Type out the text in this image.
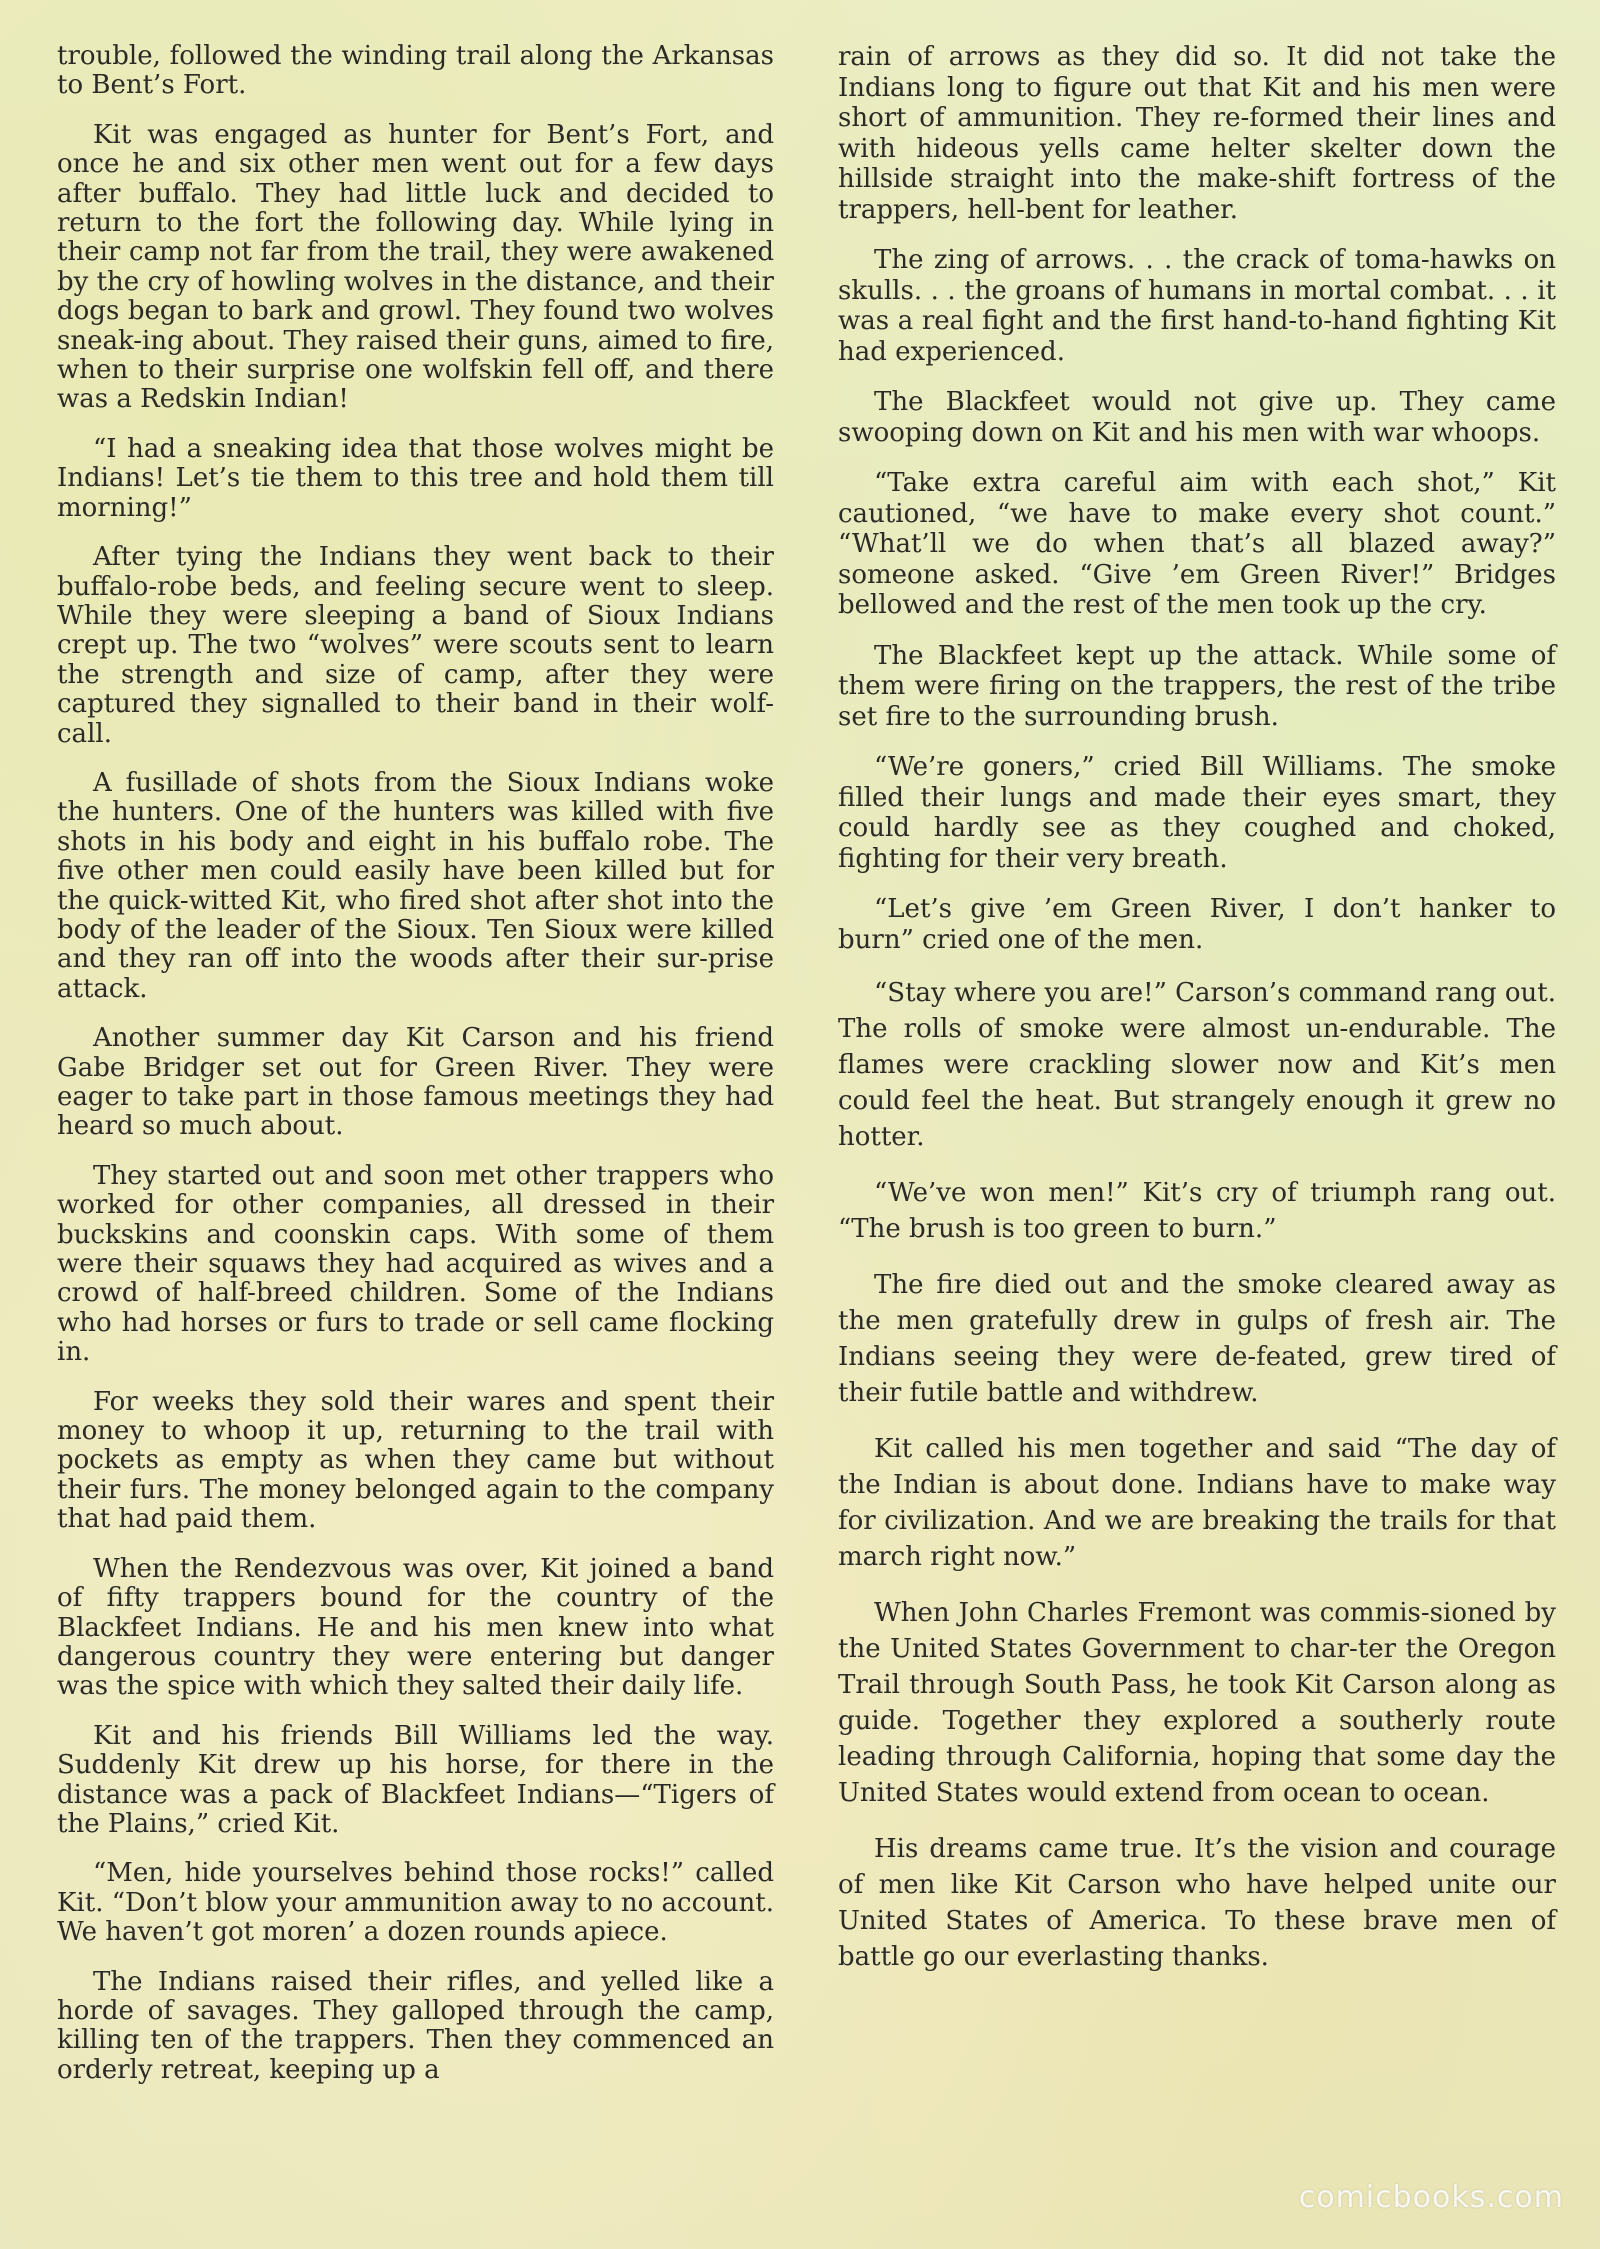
trouble, followed the winding trail along the Arkansas to Bent’s Fort.

Kit was engaged as hunter for Bent’s Fort, and once he and six other men went out for a few days after buffalo. They had little luck and decided to return to the fort the following day. While lying in their camp not far from the trail, they were awakened by the cry of howling wolves in the distance, and their dogs began to bark and growl. They found two wolves sneak-ing about. They raised their guns, aimed to fire, when to their surprise one wolfskin fell off, and there was a Redskin Indian!

“I had a sneaking idea that those wolves might be Indians! Let’s tie them to this tree and hold them till morning!”

After tying the Indians they went back to their buffalo-robe beds, and feeling secure went to sleep. While they were sleeping a band of Sioux Indians crept up. The two “wolves” were scouts sent to learn the strength and size of camp, after they were captured they signalled to their band in their wolf-call.

A fusillade of shots from the Sioux Indians woke the hunters. One of the hunters was killed with five shots in his body and eight in his buffalo robe. The five other men could easily have been killed but for the quick-witted Kit, who fired shot after shot into the body of the leader of the Sioux. Ten Sioux were killed and they ran off into the woods after their sur-prise attack.

Another summer day Kit Carson and his friend Gabe Bridger set out for Green River. They were eager to take part in those famous meetings they had heard so much about.

They started out and soon met other trappers who worked for other companies, all dressed in their buckskins and coonskin caps. With some of them were their squaws they had acquired as wives and a crowd of half-breed children. Some of the Indians who had horses or furs to trade or sell came flocking in.

For weeks they sold their wares and spent their money to whoop it up, returning to the trail with pockets as empty as when they came but without their furs. The money belonged again to the company that had paid them.

When the Rendezvous was over, Kit joined a band of fifty trappers bound for the country of the Blackfeet Indians. He and his men knew into what dangerous country they were entering but danger was the spice with which they salted their daily life.

Kit and his friends Bill Williams led the way. Suddenly Kit drew up his horse, for there in the distance was a pack of Blackfeet Indians—“Tigers of the Plains,” cried Kit.

“Men, hide yourselves behind those rocks!” called Kit. “Don’t blow your ammunition away to no account. We haven’t got moren’ a dozen rounds apiece.

The Indians raised their rifles, and yelled like a horde of savages. They galloped through the camp, killing ten of the trappers. Then they commenced an orderly retreat, keeping up a

rain of arrows as they did so. It did not take the Indians long to figure out that Kit and his men were short of ammunition. They re-formed their lines and with hideous yells came helter skelter down the hillside straight into the make-shift fortress of the trappers, hell-bent for leather.

The zing of arrows. . . the crack of toma-hawks on skulls. . . the groans of humans in mortal combat. . . it was a real fight and the first hand-to-hand fighting Kit had experienced.

The Blackfeet would not give up. They came swooping down on Kit and his men with war whoops.

“Take extra careful aim with each shot,” Kit cautioned, “we have to make every shot count.” “What’ll we do when that’s all blazed away?” someone asked. “Give ’em Green River!” Bridges bellowed and the rest of the men took up the cry.

The Blackfeet kept up the attack. While some of them were firing on the trappers, the rest of the tribe set fire to the surrounding brush.

“We’re goners,” cried Bill Williams. The smoke filled their lungs and made their eyes smart, they could hardly see as they coughed and choked, fighting for their very breath.

“Let’s give ’em Green River, I don’t hanker to burn” cried one of the men.

“Stay where you are!” Carson’s command rang out. The rolls of smoke were almost un-endurable. The flames were crackling slower now and Kit’s men could feel the heat. But strangely enough it grew no hotter.

“We’ve won men!” Kit’s cry of triumph rang out. “The brush is too green to burn.”

The fire died out and the smoke cleared away as the men gratefully drew in gulps of fresh air. The Indians seeing they were de-feated, grew tired of their futile battle and withdrew.

Kit called his men together and said “The day of the Indian is about done. Indians have to make way for civilization. And we are breaking the trails for that march right now.”

When John Charles Fremont was commis-sioned by the United States Government to char-ter the Oregon Trail through South Pass, he took Kit Carson along as guide. Together they explored a southerly route leading through California, hoping that some day the United States would extend from ocean to ocean.

His dreams came true. It’s the vision and courage of men like Kit Carson who have helped unite our United States of America. To these brave men of battle go our everlasting thanks.

comicbooks.com
